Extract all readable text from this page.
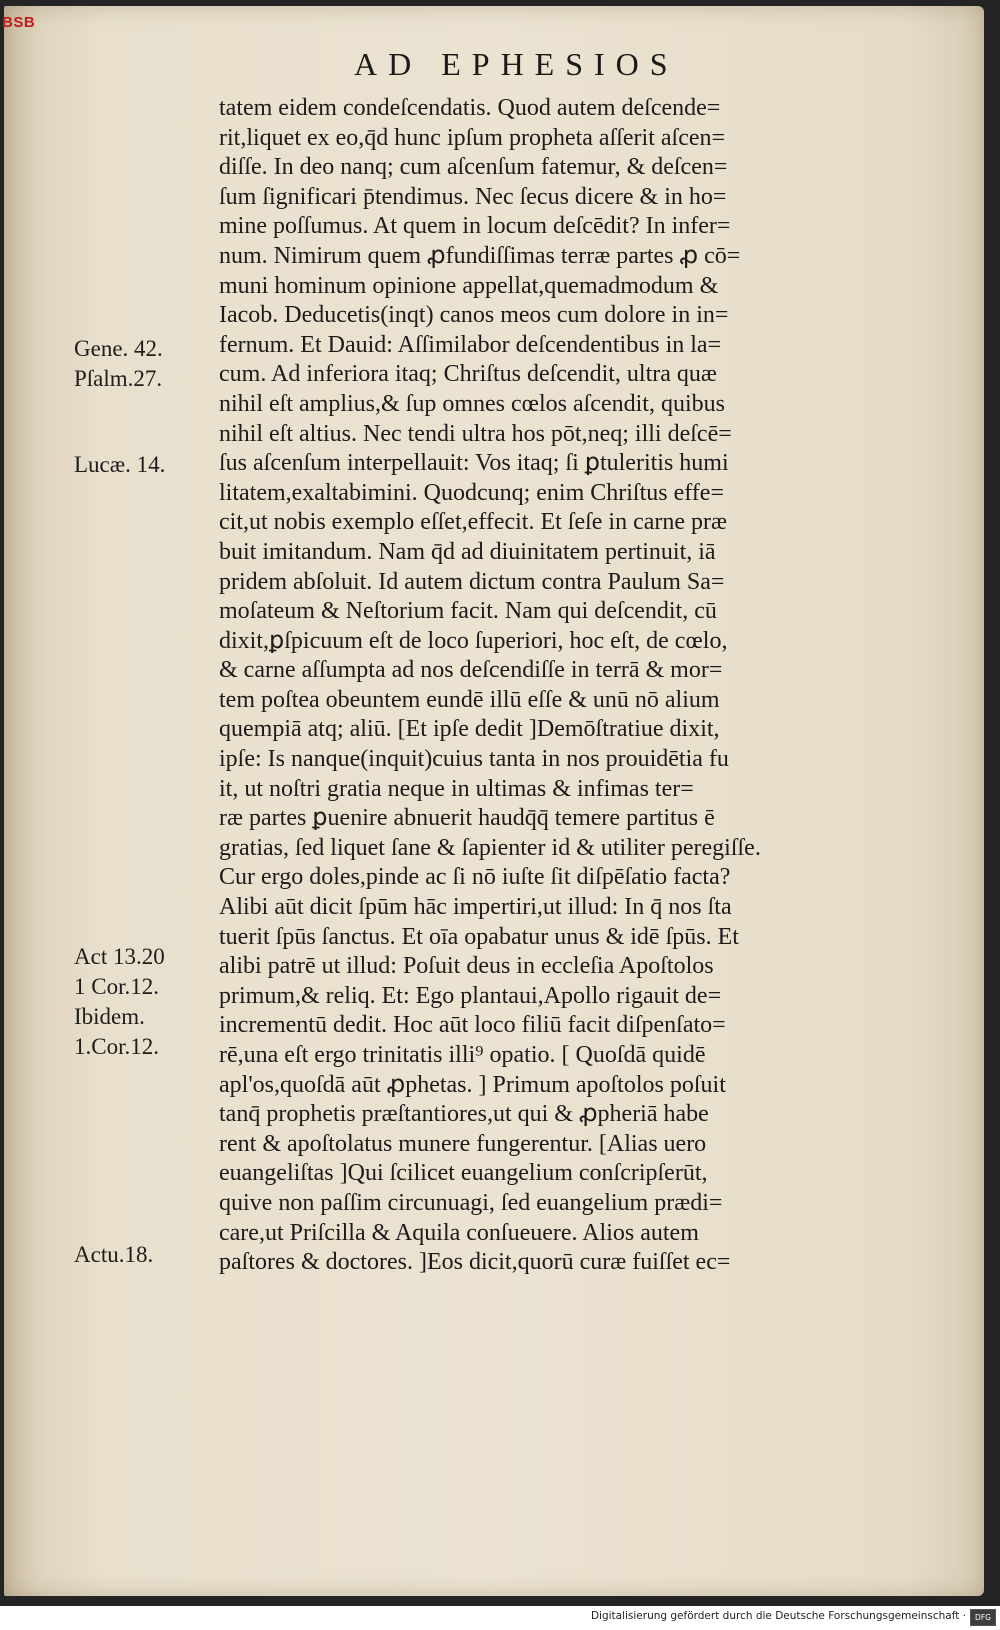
AD EPHESIOS
tatem eidem condeſcendatis. Quod autem deſcende=
rit,liquet ex eo,q̄d hunc ipſum propheta aſſerit aſcen=
diſſe. In deo nanq; cum aſcenſum fatemur, & deſcen=
ſum ſignificari p̄tendimus. Nec ſecus dicere & in ho=
mine poſſumus. At quem in locum deſcēdit? In infer=
num. Nimirum quem ꝓfundiſſimas terræ partes ꝓ cō=
muni hominum opinione appellat,quemadmodum &
Iacob. Deducetis(inqt) canos meos cum dolore in in=
fernum. Et Dauid: Aſſimilabor deſcendentibus in la=
cum. Ad inferiora itaq; Chriſtus deſcendit, ultra quæ
nihil eſt amplius,& ſup omnes cœlos aſcendit, quibus
nihil eſt altius. Nec tendi ultra hos pōt,neq; illi deſcē=
ſus aſcenſum interpellauit: Vos itaq; ſi ꝑtuleritis humi
litatem,exaltabimini. Quodcunq; enim Chriſtus effe=
cit,ut nobis exemplo eſſet,effecit. Et ſeſe in carne præ
buit imitandum. Nam q̄d ad diuinitatem pertinuit, iā
pridem abſoluit. Id autem dictum contra Paulum Sa=
moſateum & Neſtorium facit. Nam qui deſcendit, cū
dixit,ꝑſpicuum eſt de loco ſuperiori, hoc eſt, de cœlo,
& carne aſſumpta ad nos deſcendiſſe in terrā & mor=
tem poſtea obeuntem eundē illū eſſe & unū nō alium
quempiā atq; aliū. [Et ipſe dedit ]Demōſtratiue dixit,
ipſe: Is nanque(inquit)cuius tanta in nos prouidētia fu
it, ut noſtri gratia neque in ultimas & infimas ter=
ræ partes ꝑuenire abnuerit haudq̄q̄ temere partitus ē
gratias, ſed liquet ſane & ſapienter id & utiliter peregiſſe.
Cur ergo doles,pinde ac ſi nō iuſte ſit diſpēſatio facta?
Alibi aūt dicit ſpūm hāc impertiri,ut illud: In q̄ nos ſta
tuerit ſpūs ſanctus. Et oīa opabatur unus & idē ſpūs. Et
alibi patrē ut illud: Poſuit deus in eccleſia Apoſtolos
primum,& reliq. Et: Ego plantaui,Apollo rigauit de=
incrementū dedit. Hoc aūt loco filiū facit diſpenſato=
rē,una eſt ergo trinitatis illi⁹ opatio. [ Quoſdā quidē
apl'os,quoſdā aūt ꝓphetas. ] Primum apoſtolos poſuit
tanq̄ prophetis præſtantiores,ut qui & ꝓpheriā habe
rent & apoſtolatus munere fungerentur. [Alias uero
euangeliſtas ]Qui ſcilicet euangelium conſcripſerūt,
quive non paſſim circunuagi, ſed euangelium prædi=
care,ut Priſcilla & Aquila conſueuere. Alios autem
paſtores & doctores. ]Eos dicit,quorū curæ fuiſſet ec=
Gene. 42.
Pſalm.27.
Lucæ. 14.
Act 13.20
1 Cor.12.
Ibidem.
1.Cor.12.
Actu.18.
BSB
Digitalisierung gefördert durch die Deutsche Forschungsgemeinschaft ·	DFG
